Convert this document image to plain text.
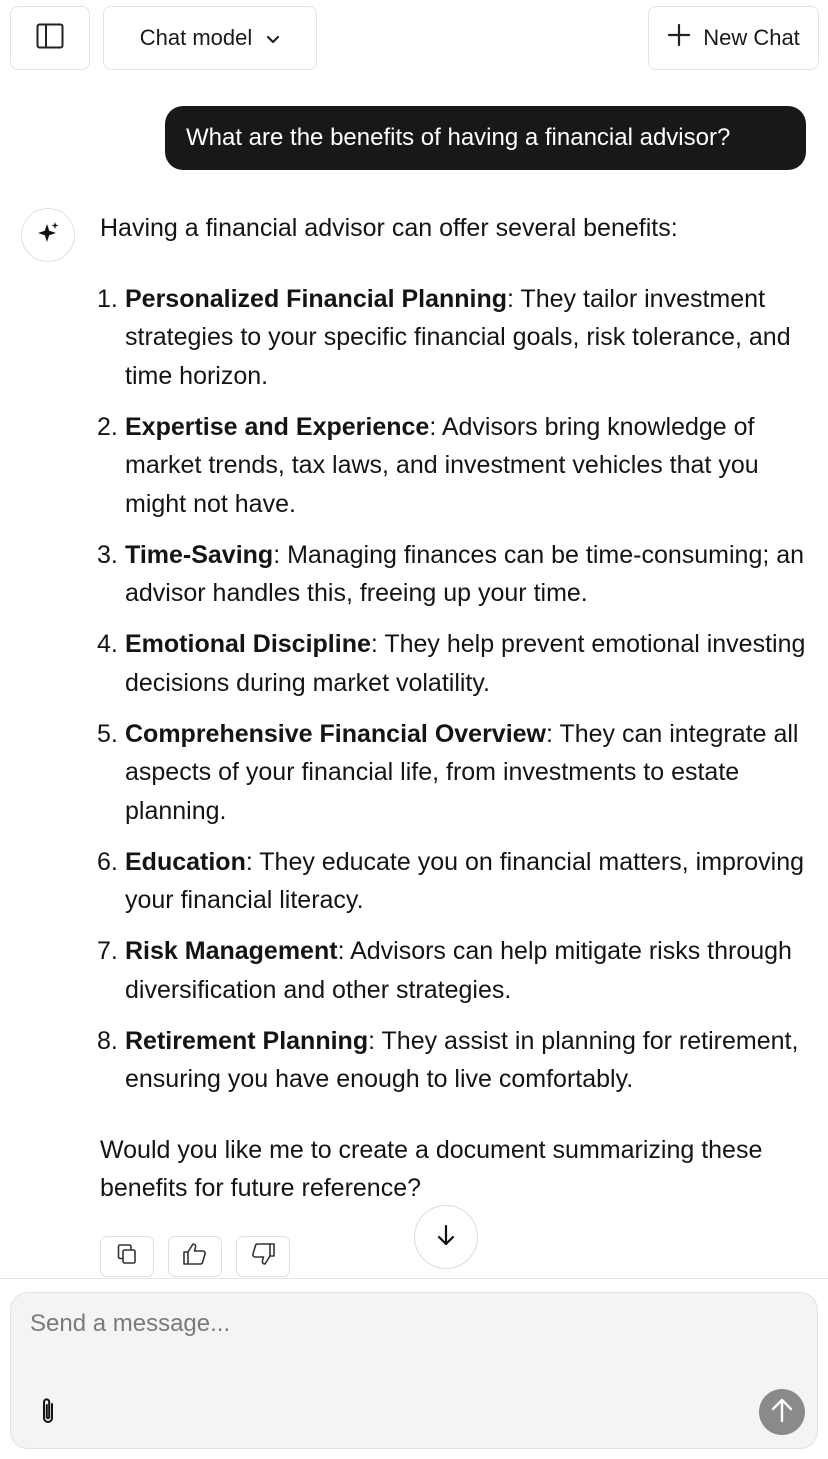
Chat model	New Chat
What are the benefits of having a financial advisor?

Having a financial advisor can offer several benefits:

1. Personalized Financial Planning: They tailor investment strategies to your specific financial goals, risk tolerance, and time horizon.
2. Expertise and Experience: Advisors bring knowledge of market trends, tax laws, and investment vehicles that you might not have.
3. Time-Saving: Managing finances can be time-consuming; an advisor handles this, freeing up your time.
4. Emotional Discipline: They help prevent emotional investing decisions during market volatility.
5. Comprehensive Financial Overview: They can integrate all aspects of your financial life, from investments to estate planning.
6. Education: They educate you on financial matters, improving your financial literacy.
7. Risk Management: Advisors can help mitigate risks through diversification and other strategies.
8. Retirement Planning: They assist in planning for retirement, ensuring you have enough to live comfortably.

Would you like me to create a document summarizing these benefits for future reference?

Send a message...
